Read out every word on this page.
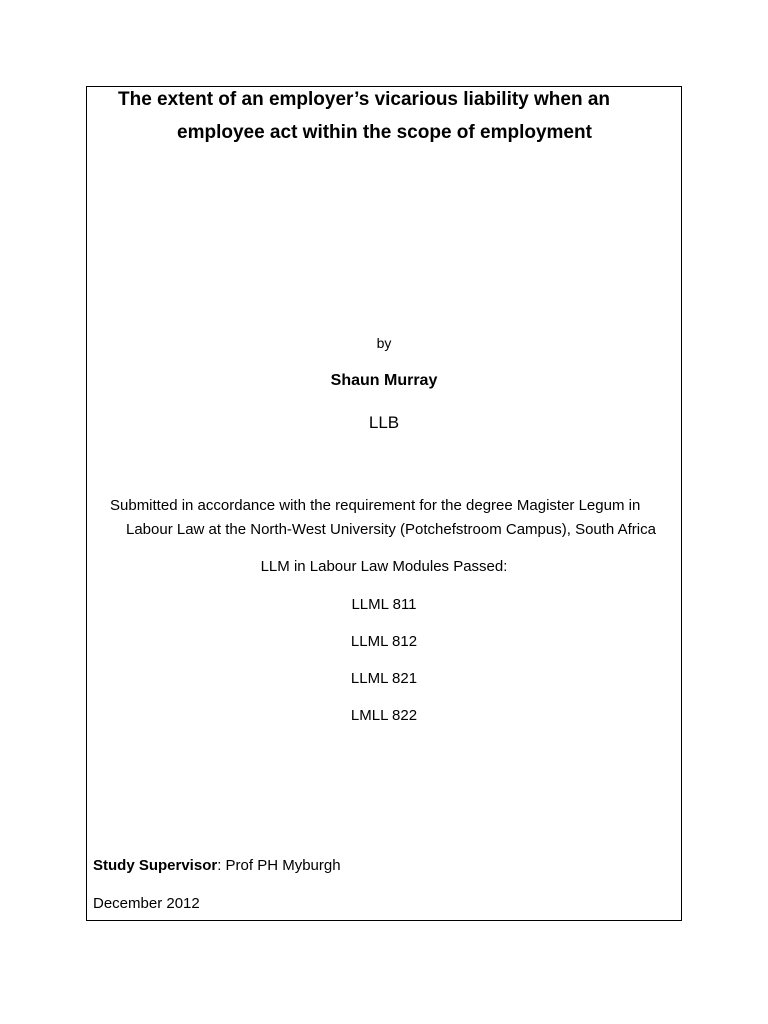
The extent of an employer’s vicarious liability when an
employee act within the scope of employment
by
Shaun Murray
LLB
Submitted in accordance with the requirement for the degree Magister Legum in
Labour Law at the North-West University (Potchefstroom Campus), South Africa
LLM in Labour Law Modules Passed:
LLML 811
LLML 812
LLML 821
LMLL 822
Study Supervisor: Prof PH Myburgh
December 2012
